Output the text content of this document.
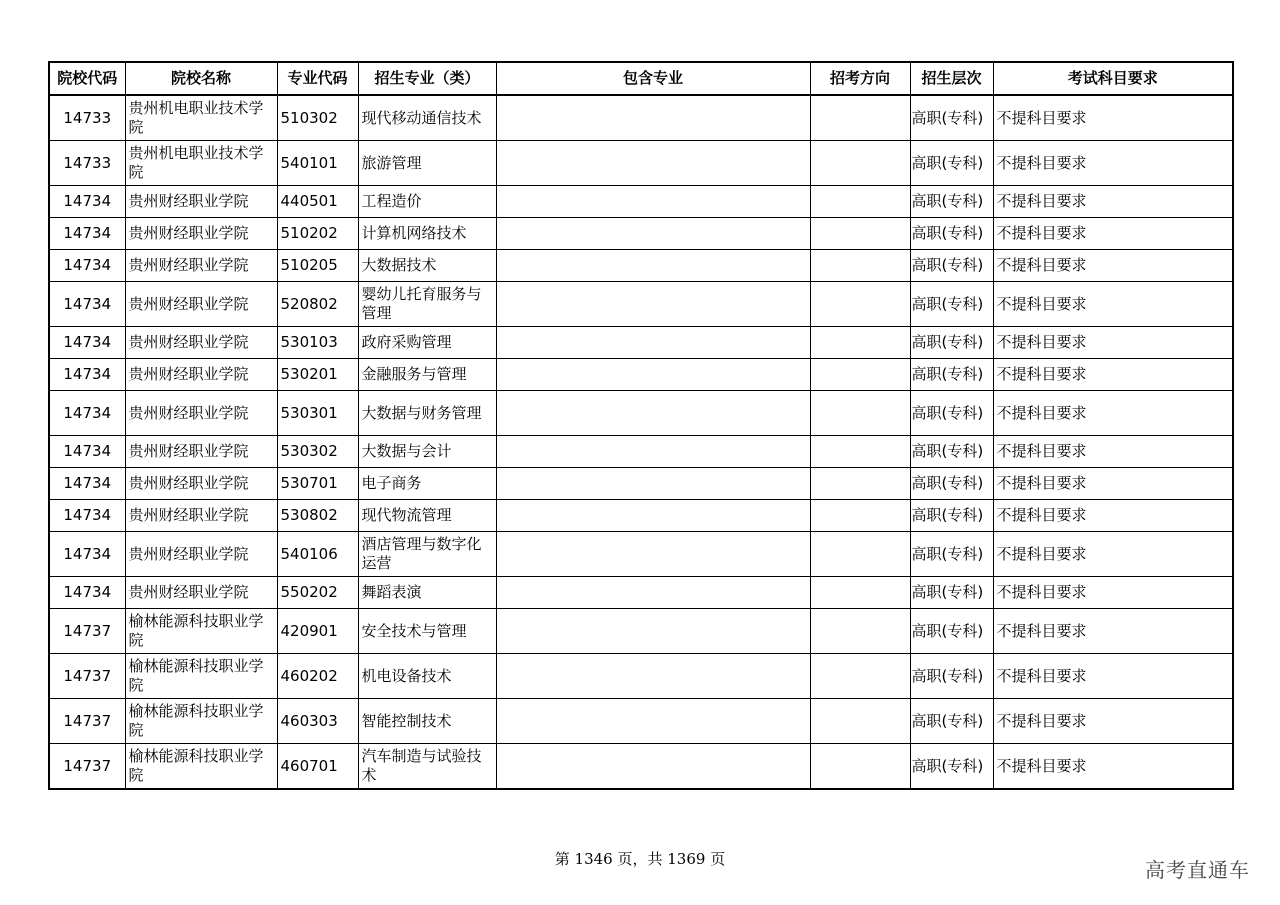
院校代码	院校名称	专业代码	招生专业（类）	包含专业	招考方向	招生层次	考试科目要求
14733	贵州机电职业技术学院	510302	现代移动通信技术			高职(专科)	不提科目要求
14733	贵州机电职业技术学院	540101	旅游管理			高职(专科)	不提科目要求
14734	贵州财经职业学院	440501	工程造价			高职(专科)	不提科目要求
14734	贵州财经职业学院	510202	计算机网络技术			高职(专科)	不提科目要求
14734	贵州财经职业学院	510205	大数据技术			高职(专科)	不提科目要求
14734	贵州财经职业学院	520802	婴幼儿托育服务与管理			高职(专科)	不提科目要求
14734	贵州财经职业学院	530103	政府采购管理			高职(专科)	不提科目要求
14734	贵州财经职业学院	530201	金融服务与管理			高职(专科)	不提科目要求
14734	贵州财经职业学院	530301	大数据与财务管理			高职(专科)	不提科目要求
14734	贵州财经职业学院	530302	大数据与会计			高职(专科)	不提科目要求
14734	贵州财经职业学院	530701	电子商务			高职(专科)	不提科目要求
14734	贵州财经职业学院	530802	现代物流管理			高职(专科)	不提科目要求
14734	贵州财经职业学院	540106	酒店管理与数字化运营			高职(专科)	不提科目要求
14734	贵州财经职业学院	550202	舞蹈表演			高职(专科)	不提科目要求
14737	榆林能源科技职业学院	420901	安全技术与管理			高职(专科)	不提科目要求
14737	榆林能源科技职业学院	460202	机电设备技术			高职(专科)	不提科目要求
14737	榆林能源科技职业学院	460303	智能控制技术			高职(专科)	不提科目要求
14737	榆林能源科技职业学院	460701	汽车制造与试验技术			高职(专科)	不提科目要求
第 1346 页，共 1369 页	高考直通车
